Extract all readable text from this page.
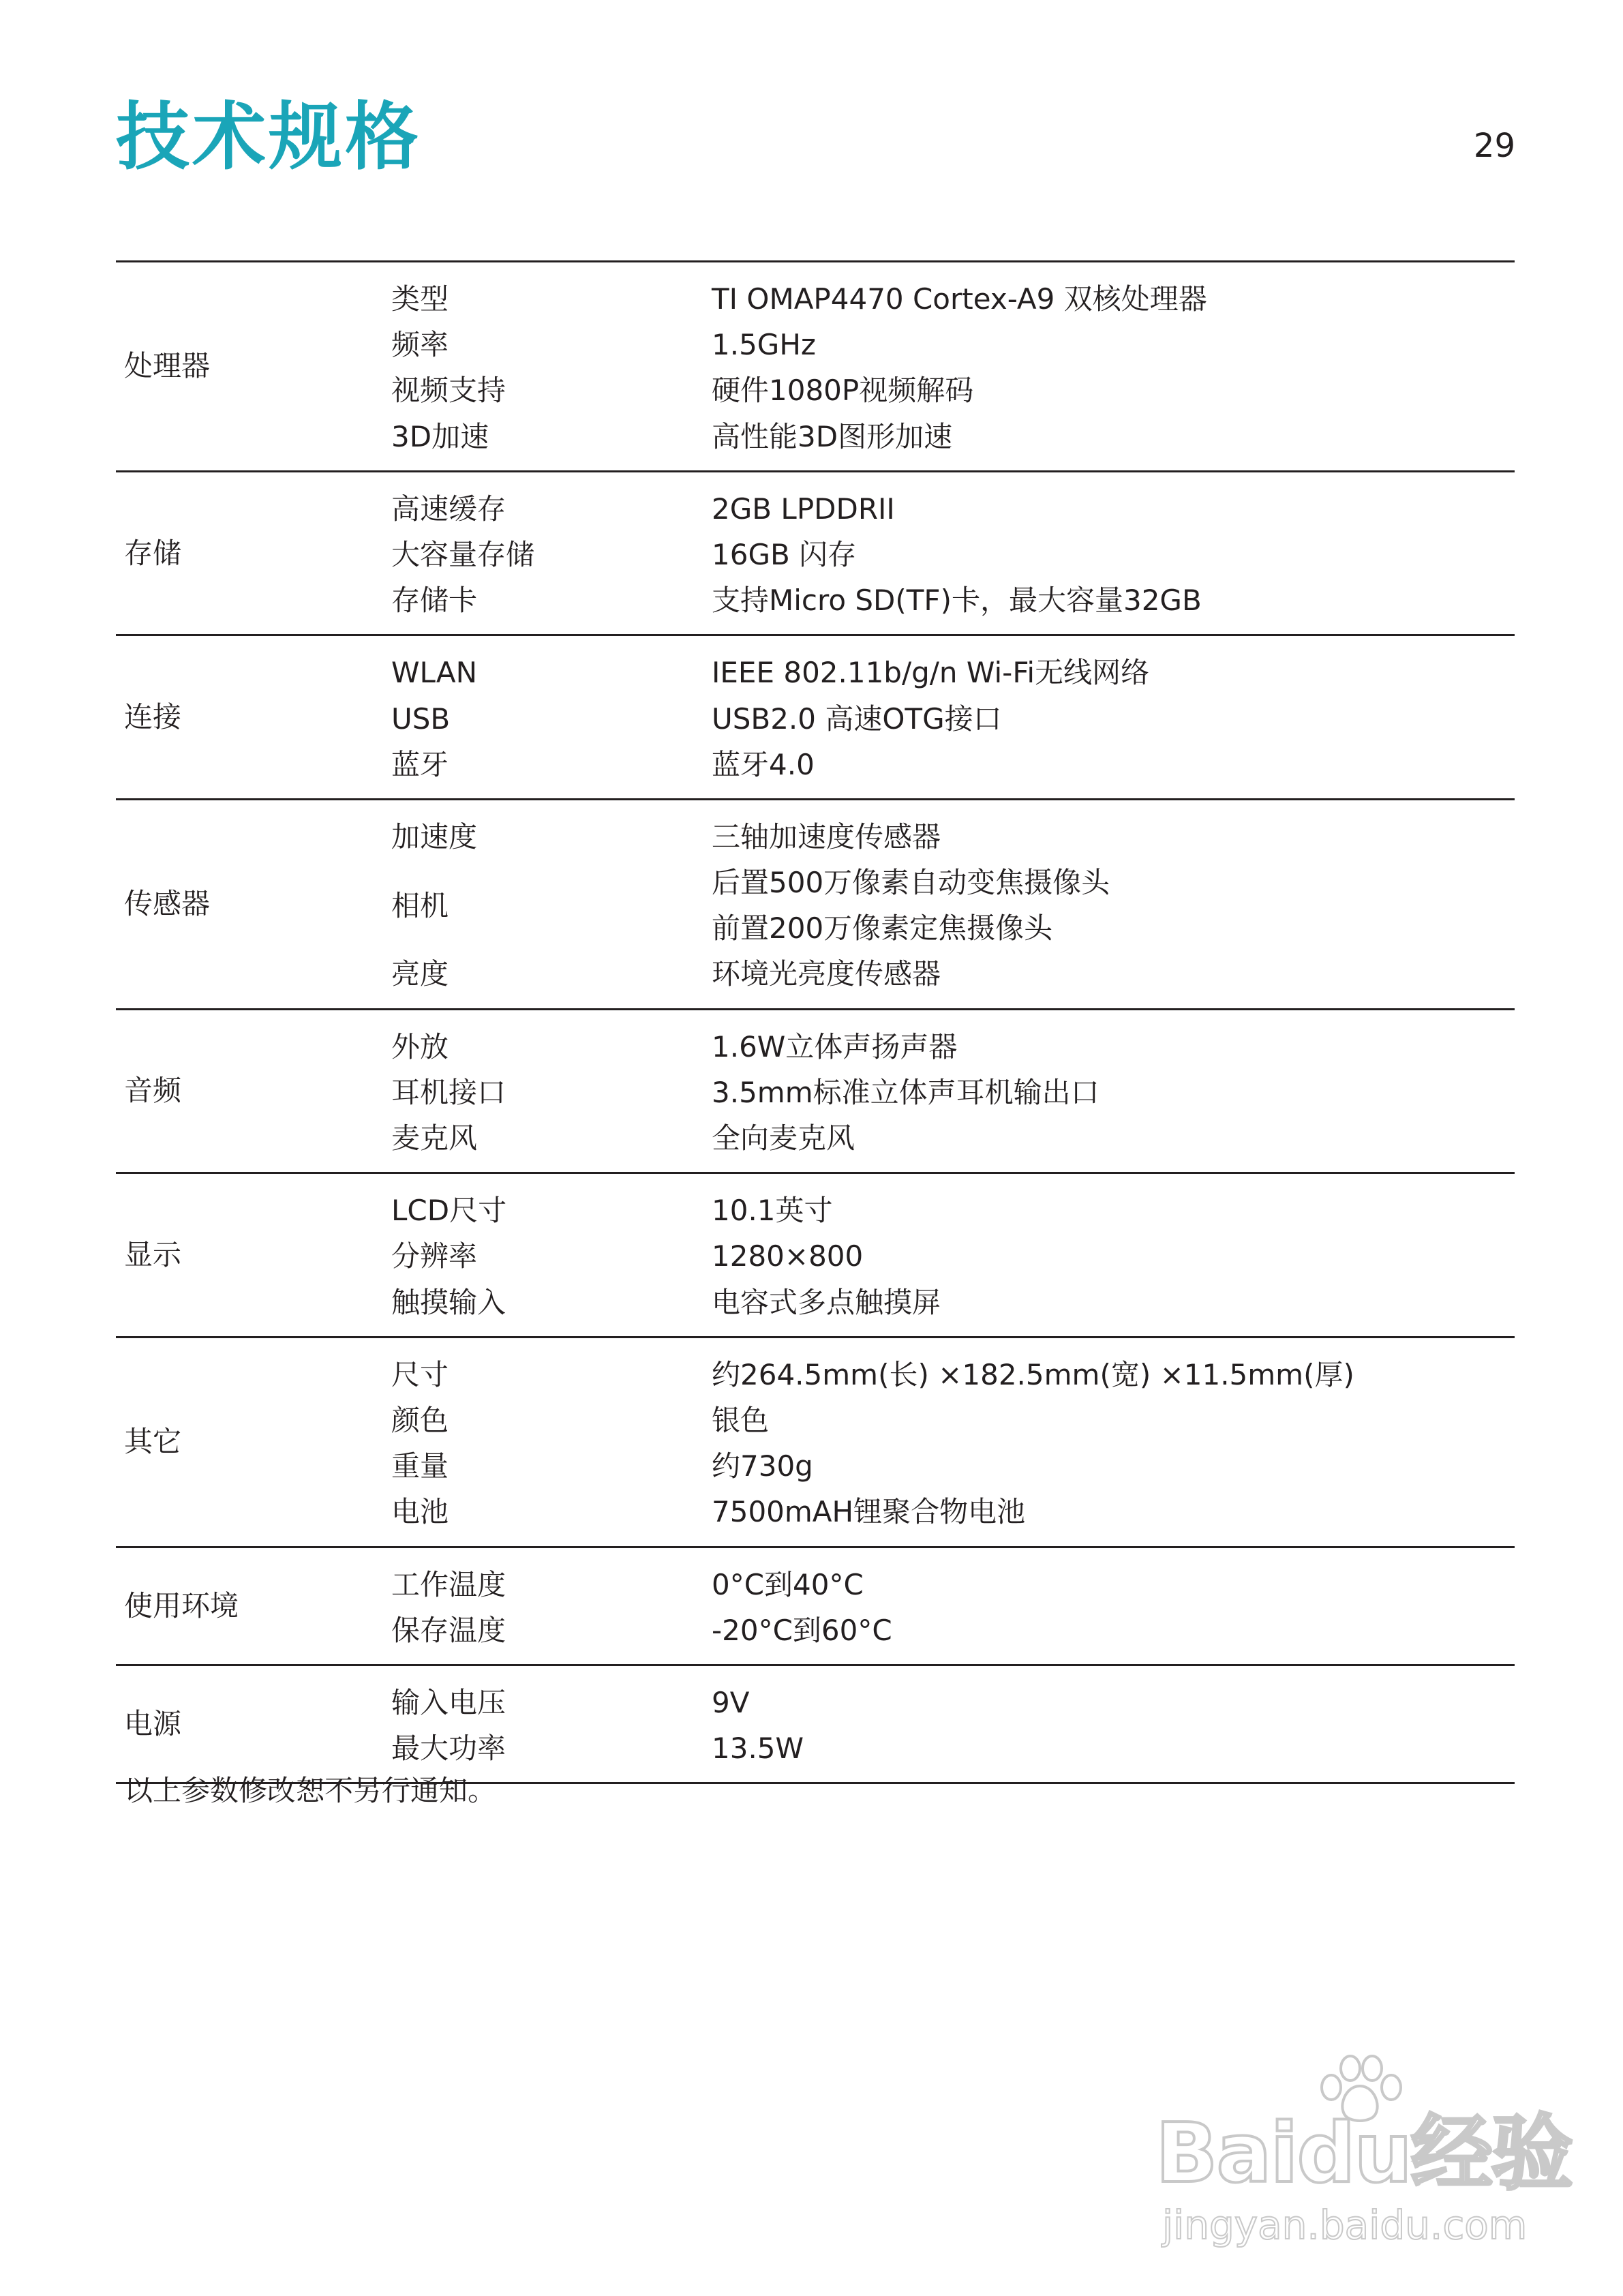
技术规格	29
处理器
类型	TI OMAP4470 Cortex-A9 双核处理器
频率	1.5GHz
视频支持	硬件1080P视频解码
3D加速	高性能3D图形加速
存储
高速缓存	2GB LPDDRII
大容量存储	16GB 闪存
存储卡	支持Micro SD(TF)卡，最大容量32GB
连接
WLAN	IEEE 802.11b/g/n Wi-Fi无线网络
USB	USB2.0 高速OTG接口
蓝牙	蓝牙4.0
传感器
加速度	三轴加速度传感器
相机
后置500万像素自动变焦摄像头
前置200万像素定焦摄像头
亮度	环境光亮度传感器
音频
外放	1.6W立体声扬声器
耳机接口	3.5mm标准立体声耳机输出口
麦克风	全向麦克风
显示
LCD尺寸	10.1英寸
分辨率	1280×800
触摸输入	电容式多点触摸屏
其它
尺寸	约264.5mm(长) ×182.5mm(宽) ×11.5mm(厚)
颜色	银色
重量	约730g
电池	7500mAH锂聚合物电池
使用环境
工作温度	0°C到40°C
保存温度	-20°C到60°C
电源
输入电压	9V
最大功率	13.5W
以上参数修改恕不另行通知。
Baidu经验
jingyan.baidu.com
